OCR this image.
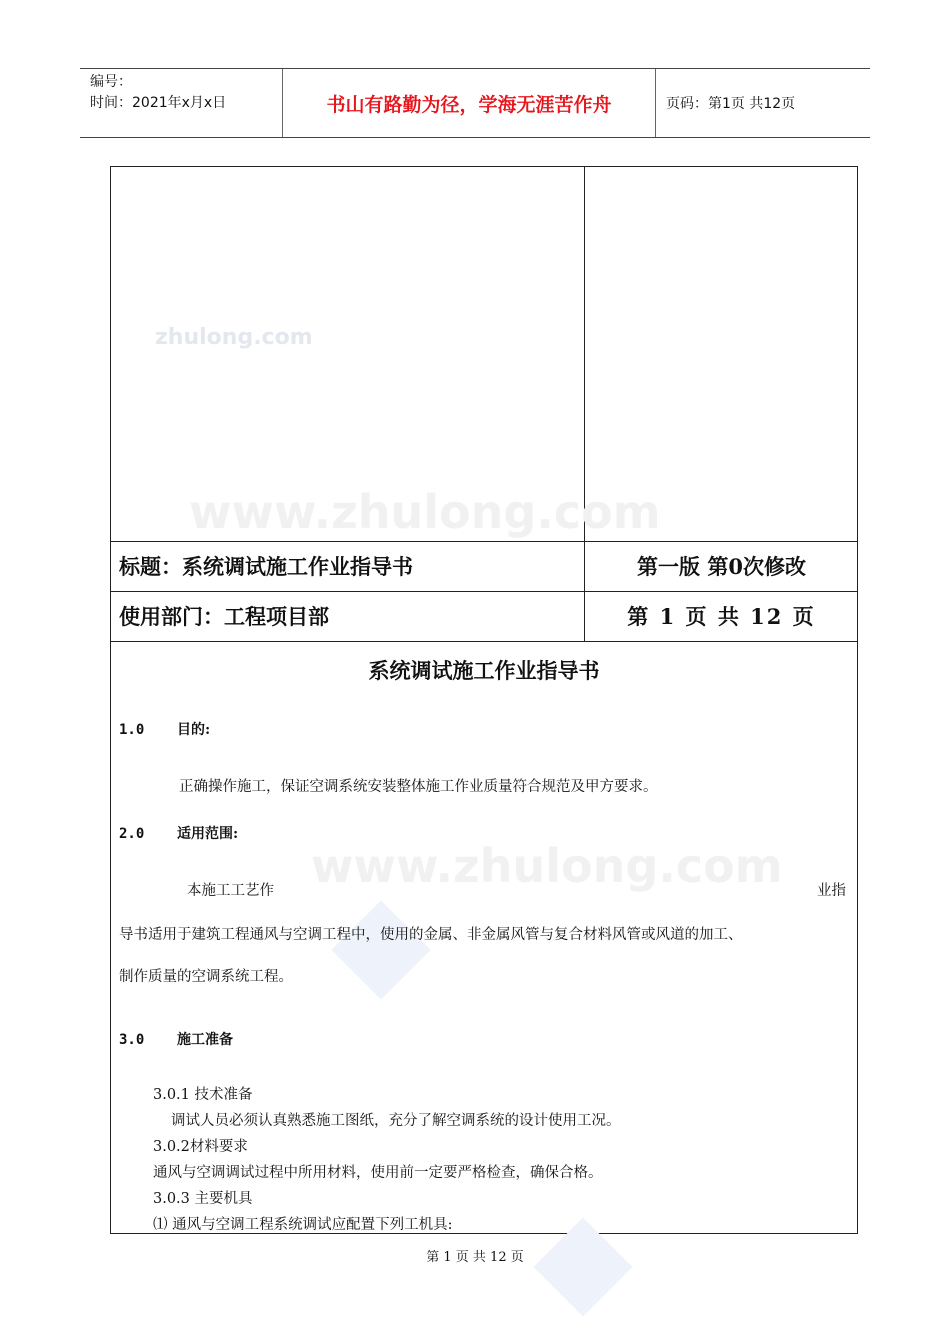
编号：
时间：2021年x月x日	书山有路勤为径，学海无涯苦作舟	页码：第1页 共12页
zhulong.com
www.zhulong.com
标题：系统调试施工作业指导书	第一版 第0次修改
使用部门：工程项目部	第 1 页 共 12 页
系统调试施工作业指导书
1.0 目的:
正确操作施工，保证空调系统安装整体施工作业质量符合规范及甲方要求。
2.0 适用范围:
www.zhulong.com
本施工工艺作	业指
导书适用于建筑工程通风与空调工程中，使用的金属、非金属风管与复合材料风管或风道的加工、
制作质量的空调系统工程。
3.0 施工准备
3.0.1 技术准备
调试人员必须认真熟悉施工图纸，充分了解空调系统的设计使用工况。
3.0.2材料要求
通风与空调调试过程中所用材料，使用前一定要严格检查，确保合格。
3.0.3 主要机具
⑴ 通风与空调工程系统调试应配置下列工机具:
第 1 页 共 12 页
